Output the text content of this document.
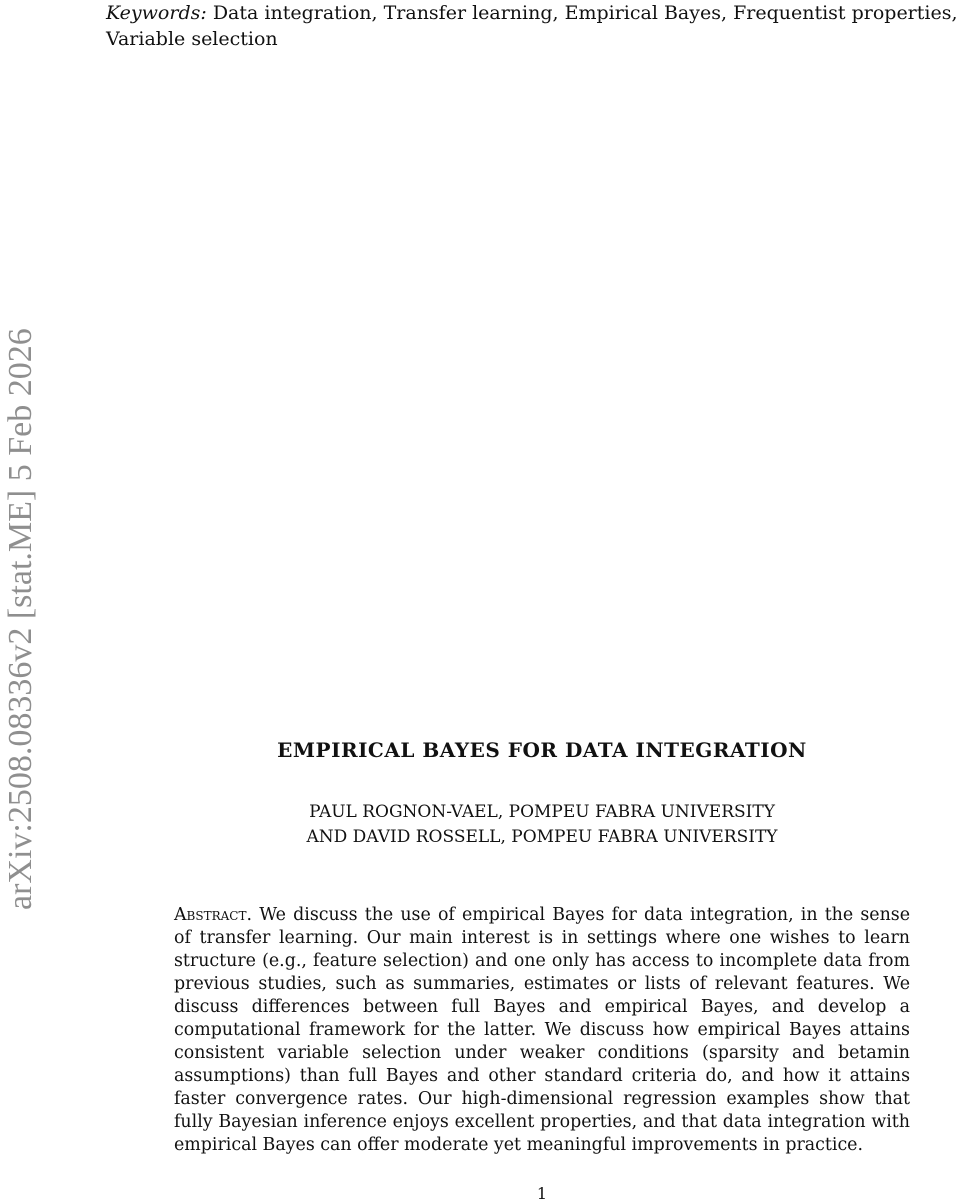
Keywords: Data integration, Transfer learning, Empirical Bayes, Frequentist properties, Variable selection
arXiv:2508.08336v2 [stat.ME] 5 Feb 2026	EMPIRICAL BAYES FOR DATA INTEGRATION
PAUL ROGNON-VAEL, POMPEU FABRA UNIVERSITY
AND DAVID ROSSELL, POMPEU FABRA UNIVERSITY
Abstract. We discuss the use of empirical Bayes for data integration, in the sense of transfer learning. Our main interest is in settings where one wishes to learn structure (e.g., feature selection) and one only has access to incomplete data from previous studies, such as summaries, estimates or lists of relevant features. We discuss differences between full Bayes and empirical Bayes, and develop a computational framework for the latter. We discuss how empirical Bayes attains consistent variable selection under weaker conditions (sparsity and betamin assumptions) than full Bayes and other standard criteria do, and how it attains faster convergence rates. Our high-dimensional regression examples show that fully Bayesian inference enjoys excellent properties, and that data integration with empirical Bayes can offer moderate yet meaningful improvements in practice.
1
